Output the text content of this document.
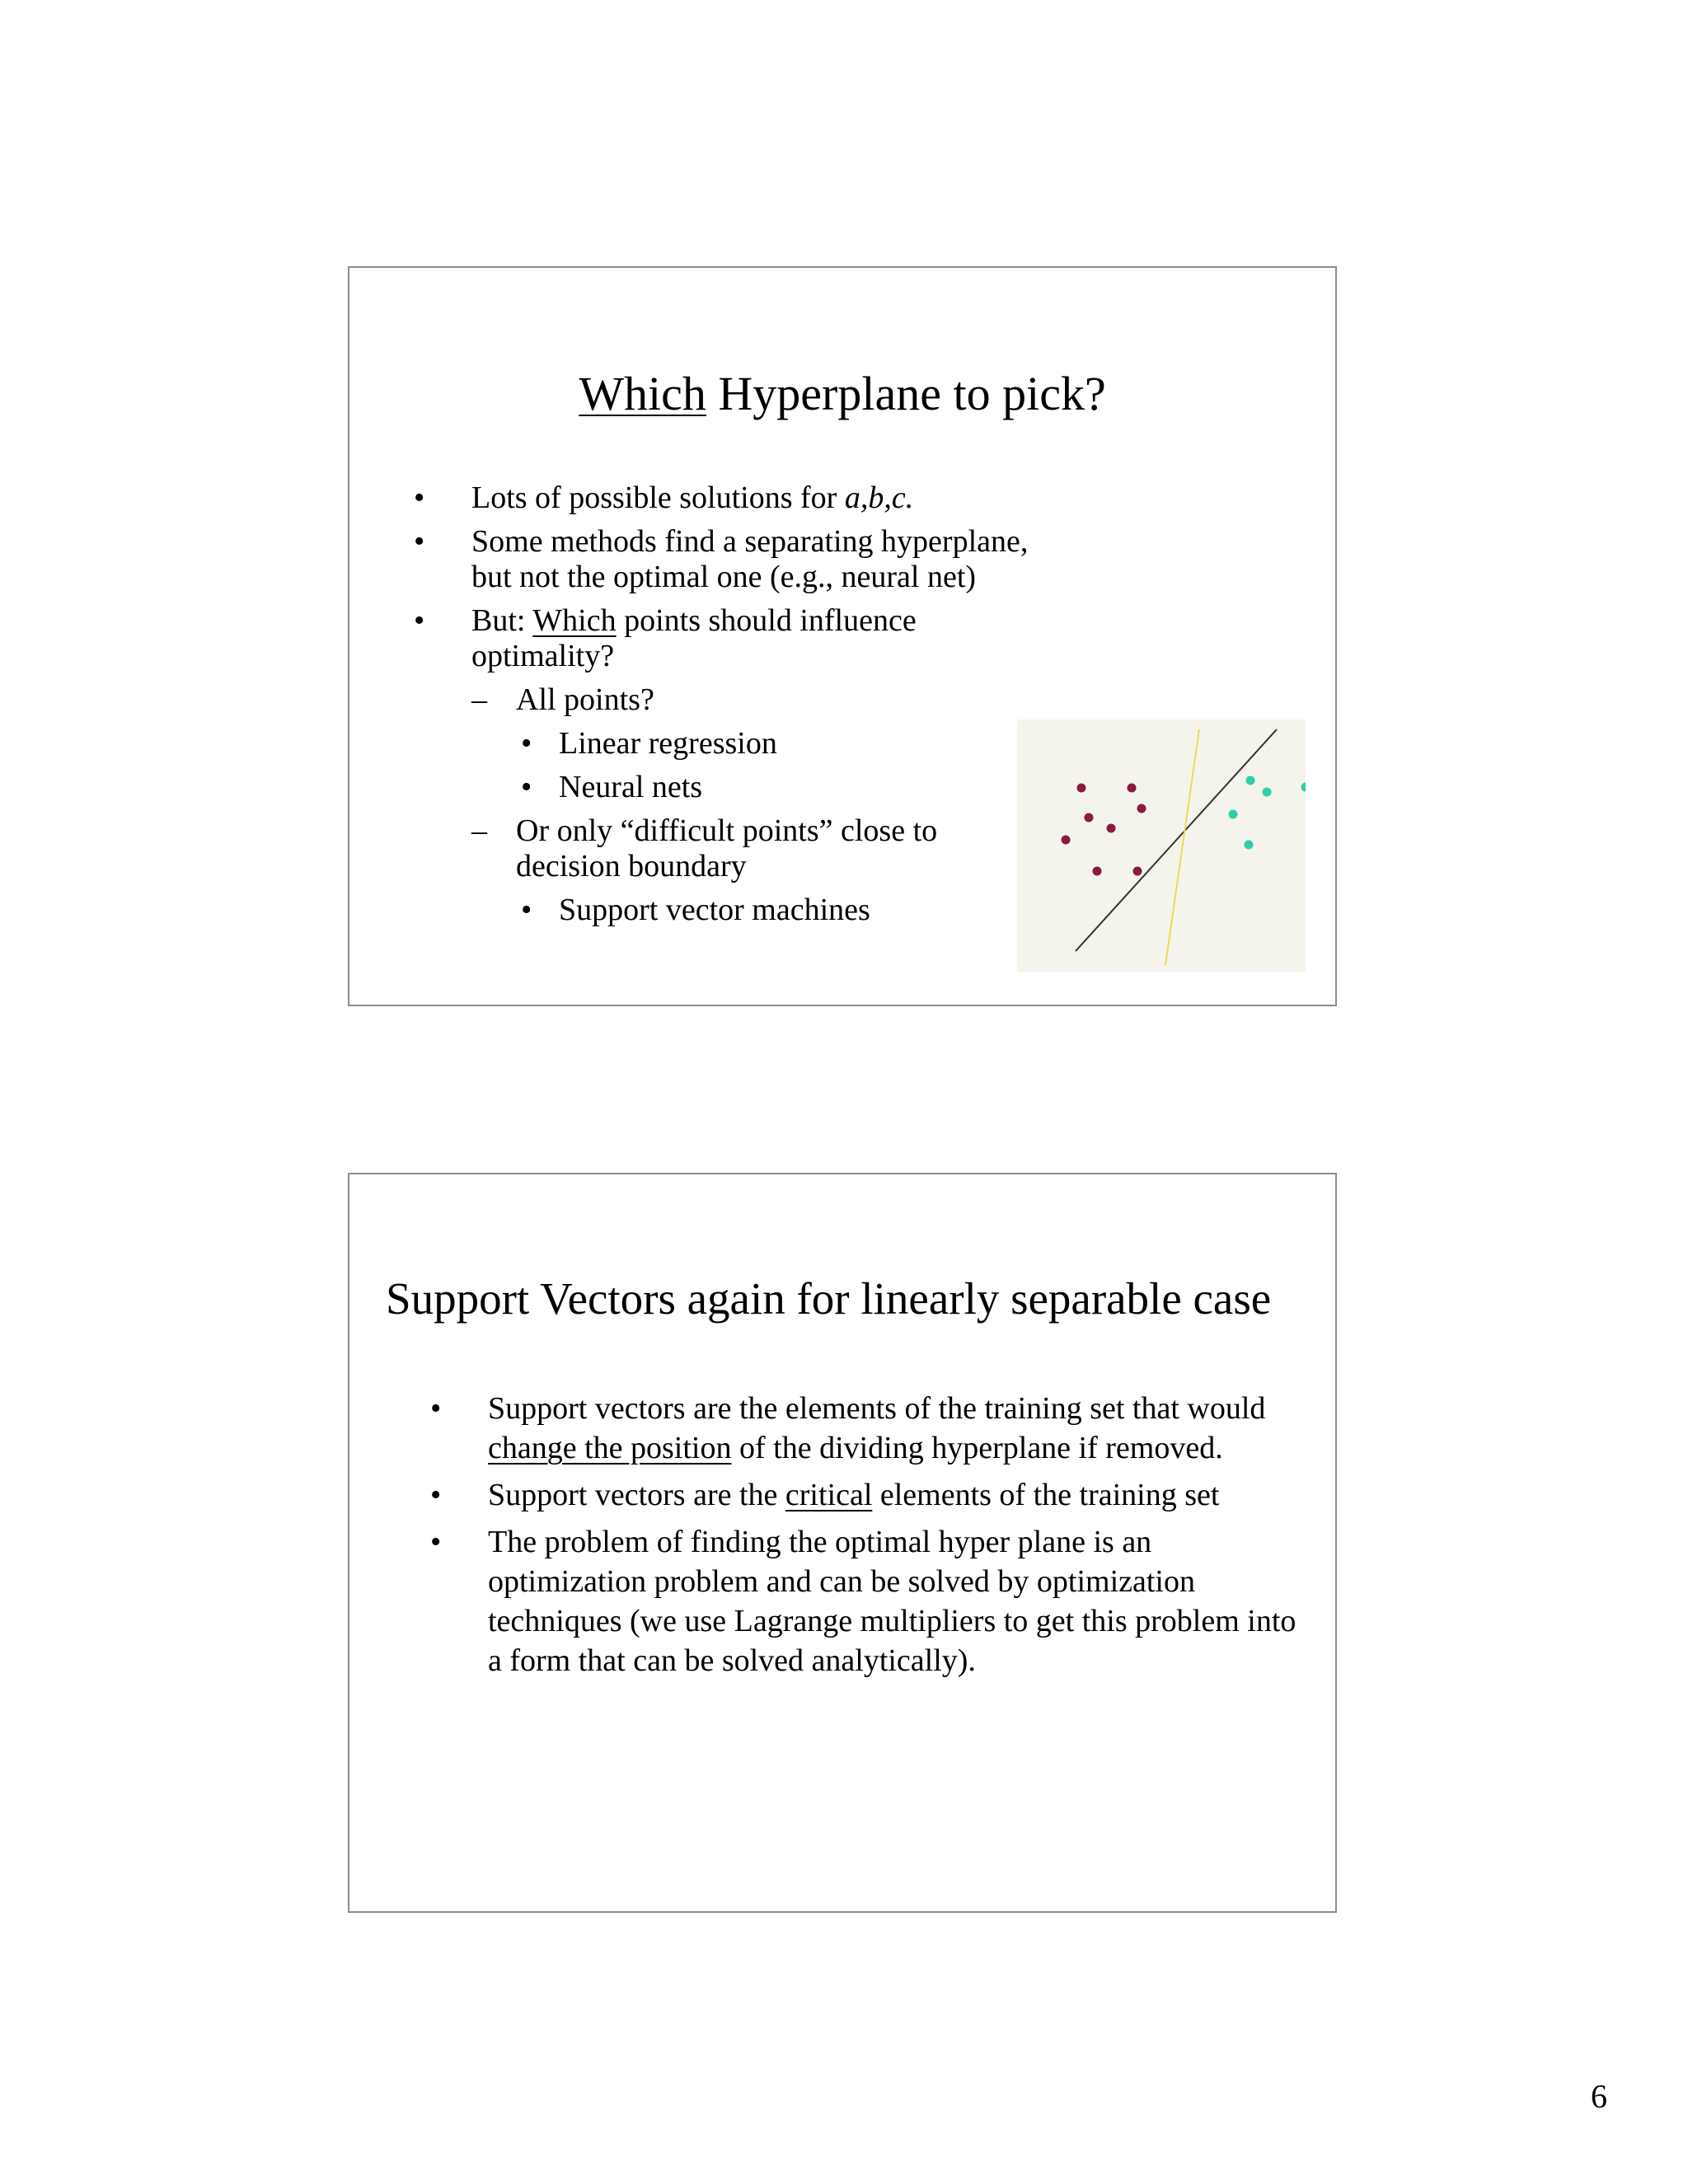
Which Hyperplane to pick?
• Lots of possible solutions for a,b,c.
• Some methods find a separating hyperplane, but not the optimal one (e.g., neural net)
• But: Which points should influence optimality?
– All points?
• Linear regression
• Neural nets
– Or only “difficult points” close to decision boundary
• Support vector machines
Support Vectors again for linearly separable case
• Support vectors are the elements of the training set that would change the position of the dividing hyperplane if removed.
• Support vectors are the critical elements of the training set
• The problem of finding the optimal hyper plane is an optimization problem and can be solved by optimization techniques (we use Lagrange multipliers to get this problem into a form that can be solved analytically).
6
